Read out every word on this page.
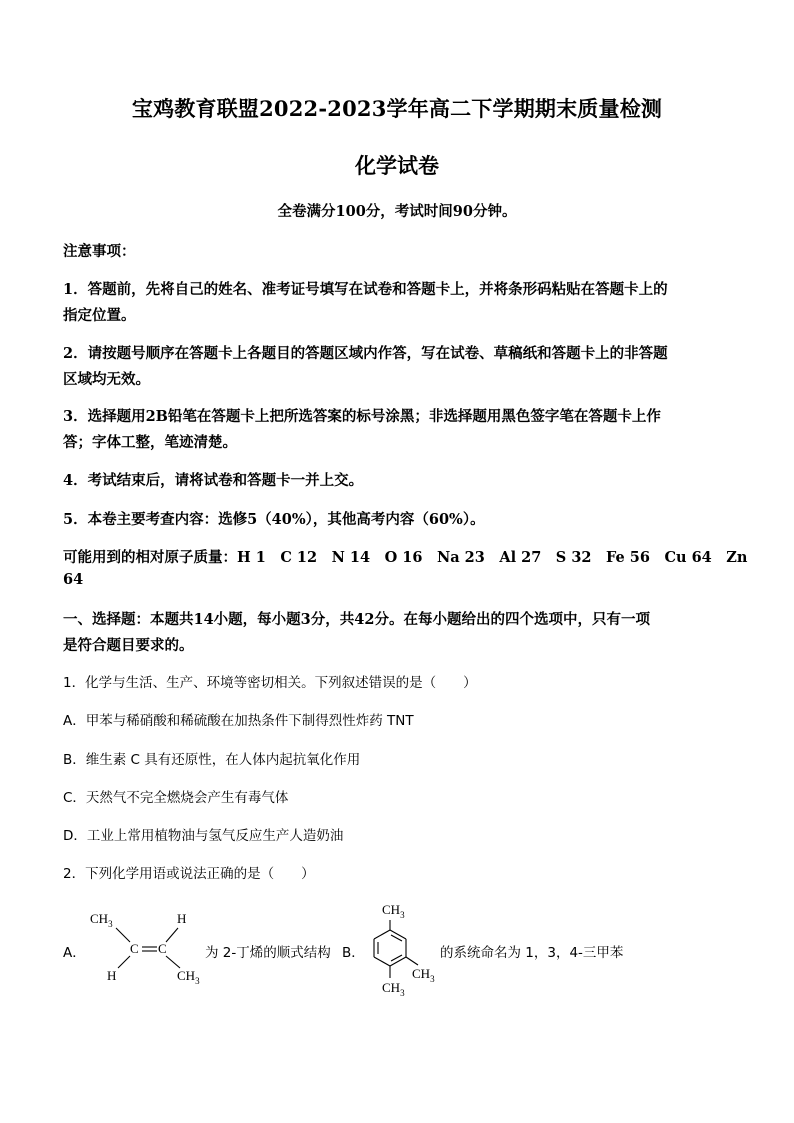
宝鸡教育联盟2022-2023学年高二下学期期末质量检测
化学试卷
全卷满分100分，考试时间90分钟。
注意事项：
1．答题前，先将自己的姓名、准考证号填写在试卷和答题卡上，并将条形码粘贴在答题卡上的
指定位置。
2．请按题号顺序在答题卡上各题目的答题区域内作答，写在试卷、草稿纸和答题卡上的非答题
区域均无效。
3．选择题用2B铅笔在答题卡上把所选答案的标号涂黑；非选择题用黑色签字笔在答题卡上作
答；字体工整，笔迹清楚。
4．考试结束后，请将试卷和答题卡一并上交。
5．本卷主要考查内容：选修5（40%），其他高考内容（60%）。
可能用到的相对原子质量：H 1　C 12　N 14　O 16　Na 23　Al 27　S 32　Fe 56　Cu 64　Zn
64
一、选择题：本题共14小题，每小题3分，共42分。在每小题给出的四个选项中，只有一项
是符合题目要求的。
1．化学与生活、生产、环境等密切相关。下列叙述错误的是（　　）
A．甲苯与稀硝酸和稀硫酸在加热条件下制得烈性炸药 TNT
B．维生素 C 具有还原性，在人体内起抗氧化作用
C．天然气不完全燃烧会产生有毒气体
D．工业上常用植物油与氢气反应生产人造奶油
2．下列化学用语或说法正确的是（　　）
A．
$CH_3$	H
C C
H	$CH_3$
为 2-丁烯的顺式结构 B．
$CH_3$
$CH_3$
$CH_3$
的系统命名为 1，3，4-三甲苯
